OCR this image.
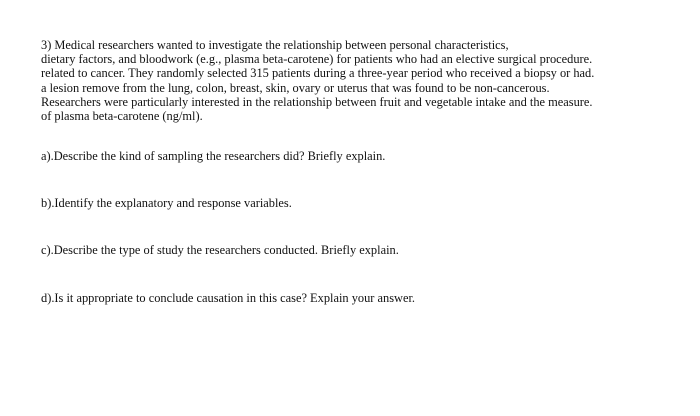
3) Medical researchers wanted to investigate the relationship between personal characteristics,
dietary factors, and bloodwork (e.g., plasma beta-carotene) for patients who had an elective surgical procedure.
related to cancer. They randomly selected 315 patients during a three-year period who received a biopsy or had.
a lesion remove from the lung, colon, breast, skin, ovary or uterus that was found to be non-cancerous.
Researchers were particularly interested in the relationship between fruit and vegetable intake and the measure.
of plasma beta-carotene (ng/ml).

a).Describe the kind of sampling the researchers did? Briefly explain.

b).Identify the explanatory and response variables.

c).Describe the type of study the researchers conducted. Briefly explain.

d).Is it appropriate to conclude causation in this case? Explain your answer.
